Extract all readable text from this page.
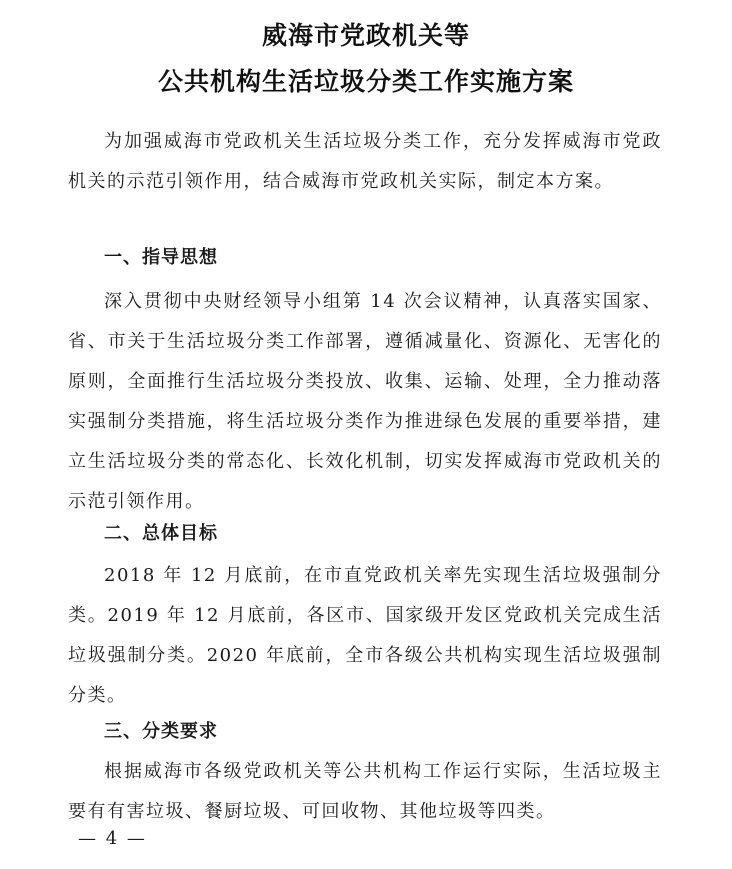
威海市党政机关等
公共机构生活垃圾分类工作实施方案

为加强威海市党政机关生活垃圾分类工作，充分发挥威海市党政机关的示范引领作用，结合威海市党政机关实际，制定本方案。

一、指导思想

深入贯彻中央财经领导小组第 14 次会议精神，认真落实国家、省、市关于生活垃圾分类工作部署，遵循减量化、资源化、无害化的原则，全面推行生活垃圾分类投放、收集、运输、处理，全力推动落实强制分类措施，将生活垃圾分类作为推进绿色发展的重要举措，建立生活垃圾分类的常态化、长效化机制，切实发挥威海市党政机关的示范引领作用。

二、总体目标

2018 年 12 月底前，在市直党政机关率先实现生活垃圾强制分类。2019 年 12 月底前，各区市、国家级开发区党政机关完成生活垃圾强制分类。2020 年底前，全市各级公共机构实现生活垃圾强制分类。

三、分类要求

根据威海市各级党政机关等公共机构工作运行实际，生活垃圾主要有有害垃圾、餐厨垃圾、可回收物、其他垃圾等四类。

— 4 —
